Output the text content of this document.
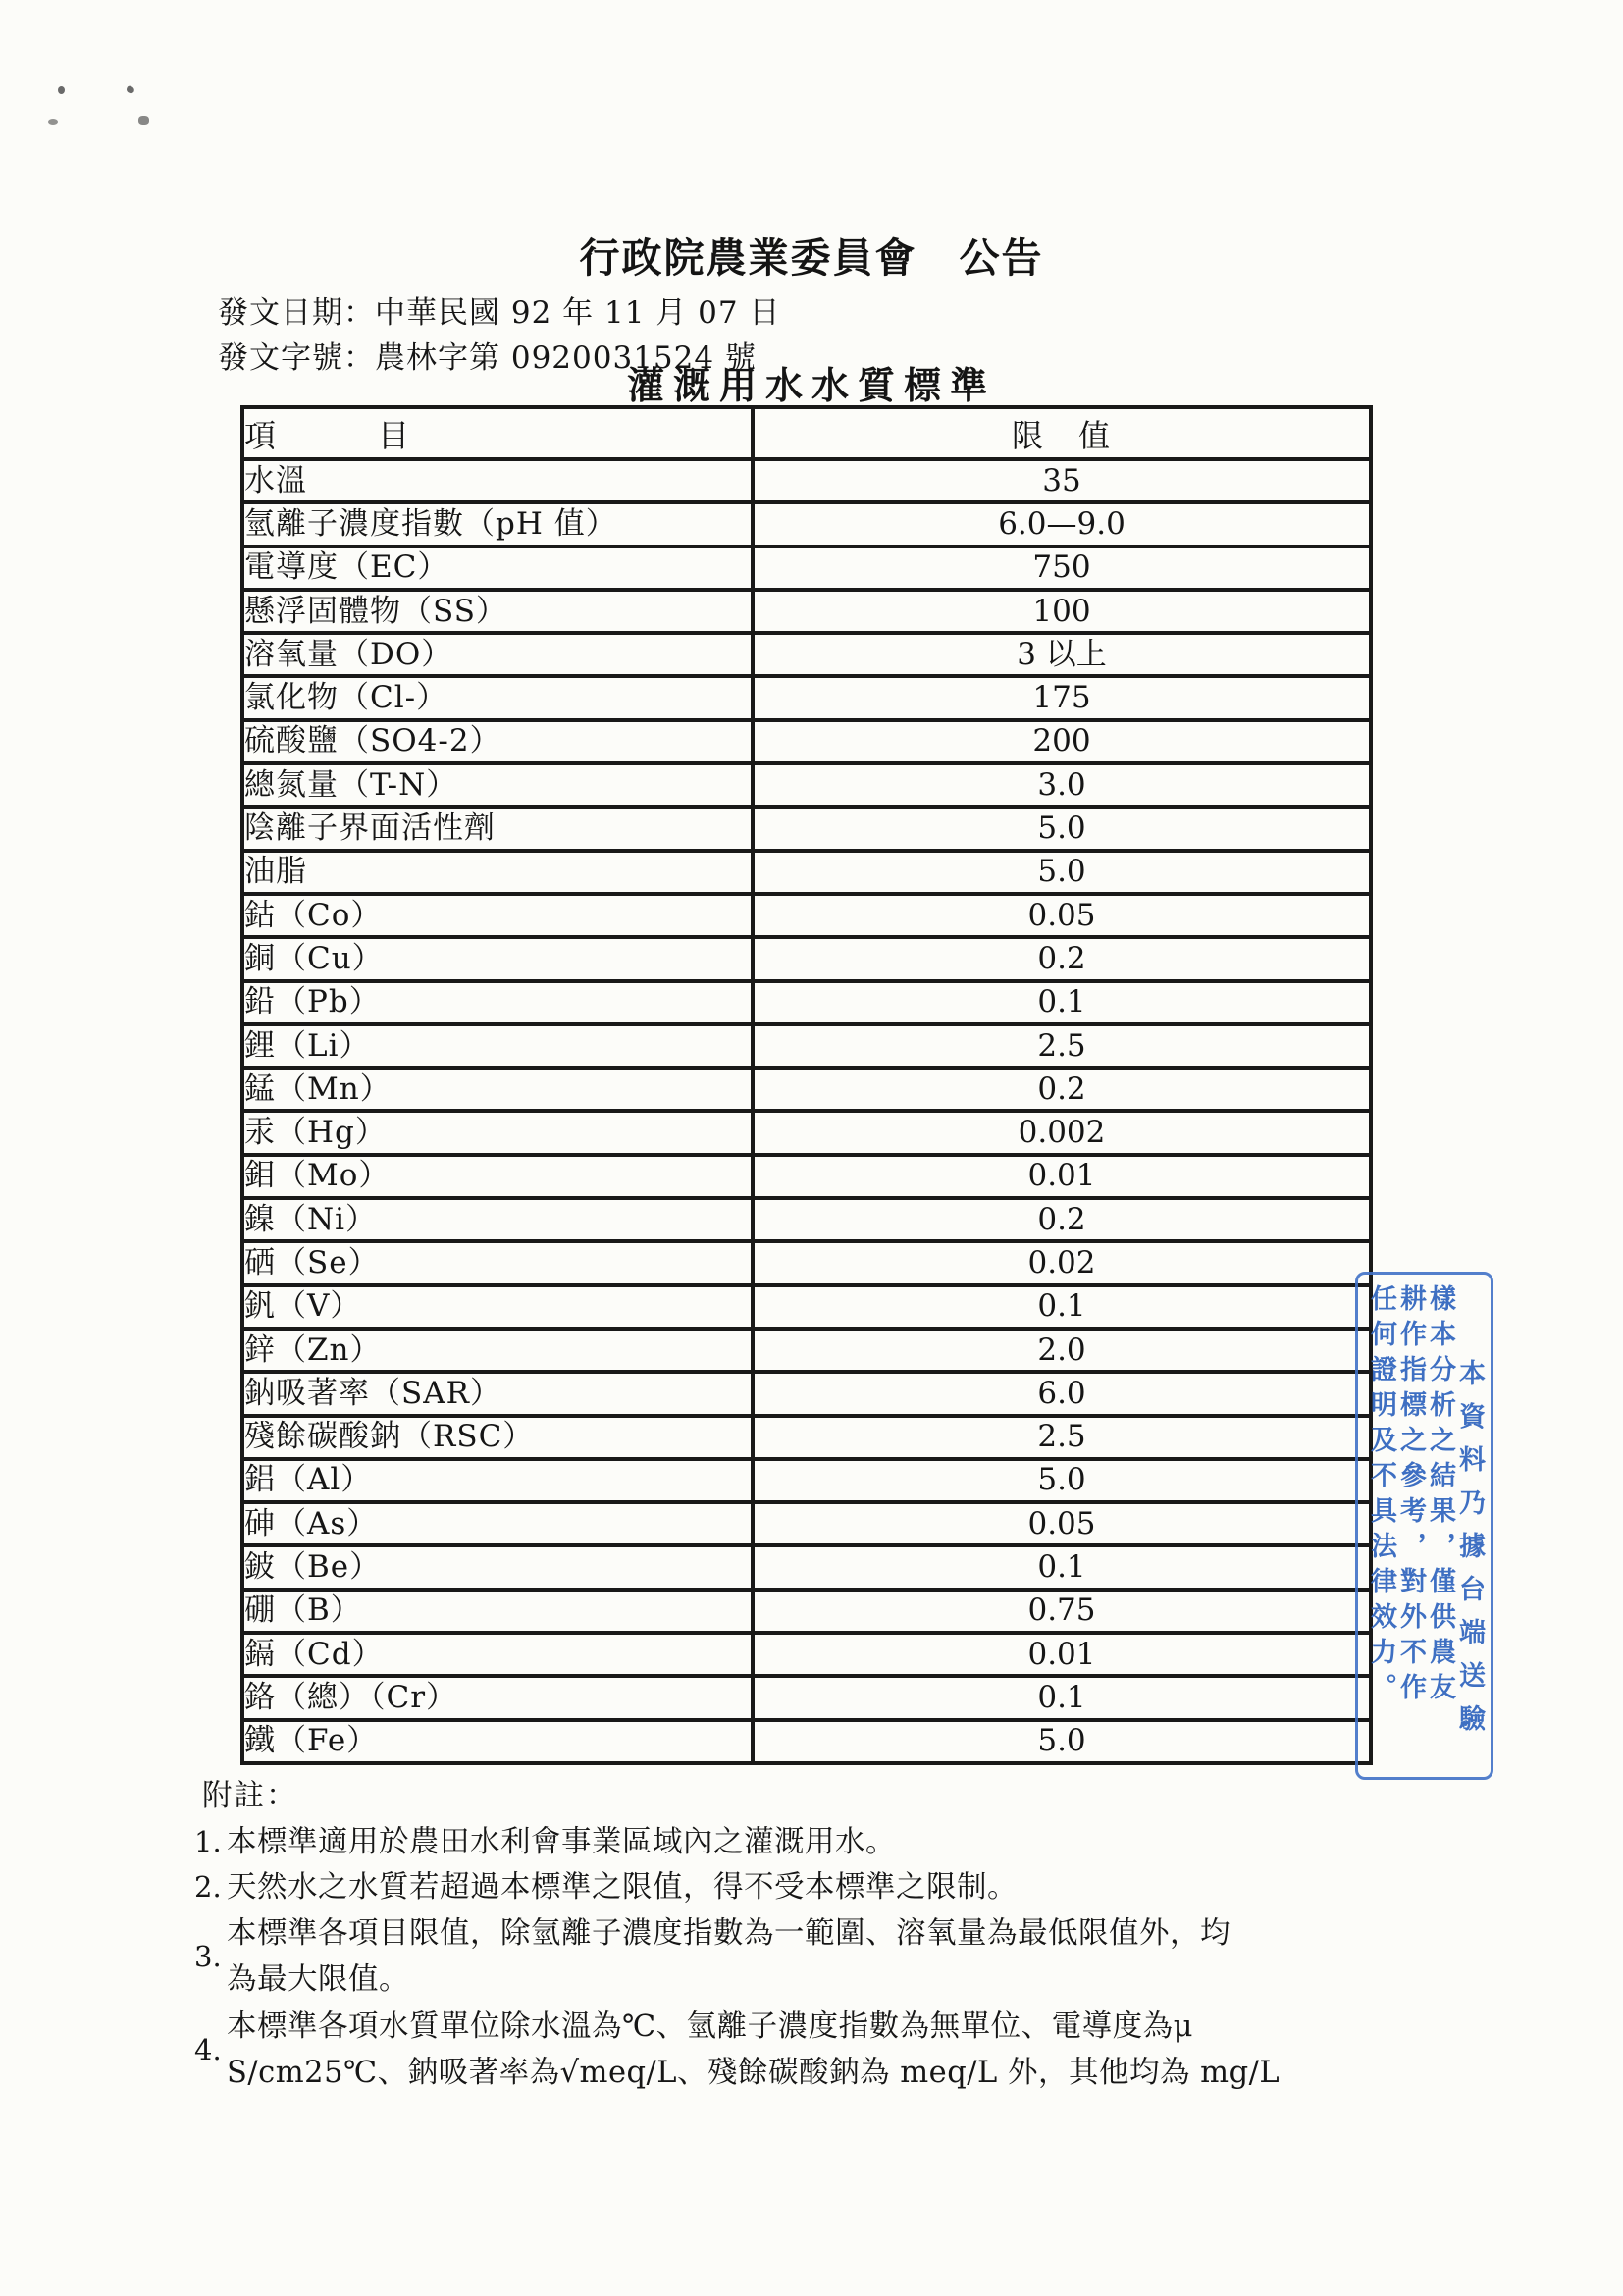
行政院農業委員會　公告
發文日期：中華民國 92 年 11 月 07 日
發文字號：農林字第 0920031524 號
灌溉用水水質標準
項　　　目	限　值
水溫	35
氫離子濃度指數（pH 值）	6.0—9.0
電導度（EC）	750
懸浮固體物（SS）	100
溶氧量（DO）	3 以上
氯化物（Cl-）	175
硫酸鹽（SO4-2）	200
總氮量（T-N）	3.0
陰離子界面活性劑	5.0
油脂	5.0
鈷（Co）	0.05
銅（Cu）	0.2
鉛（Pb）	0.1
鋰（Li）	2.5
錳（Mn）	0.2
汞（Hg）	0.002
鉬（Mo）	0.01
鎳（Ni）	0.2
硒（Se）	0.02
釩（V）	0.1
鋅（Zn）	2.0
鈉吸著率（SAR）	6.0
殘餘碳酸鈉（RSC）	2.5
鋁（Al）	5.0
砷（As）	0.05
鈹（Be）	0.1
硼（B）	0.75
鎘（Cd）	0.01
鉻（總）（Cr）	0.1
鐵（Fe）	5.0	本資料乃據台端送驗
樣本分析之結果，僅供農友
耕作指標之參考，對外不作
任何證明及不具法律效力。
附註：
1. 本標準適用於農田水利會事業區域內之灌溉用水。
2. 天然水之水質若超過本標準之限值，得不受本標準之限制。
3.
本標準各項目限值，除氫離子濃度指數為一範圍、溶氧量為最低限值外，均
為最大限值。
4.
本標準各項水質單位除水溫為℃、氫離子濃度指數為無單位、電導度為μ
S/cm25℃、鈉吸著率為√meq/L、殘餘碳酸鈉為 meq/L 外，其他均為 mg/L
